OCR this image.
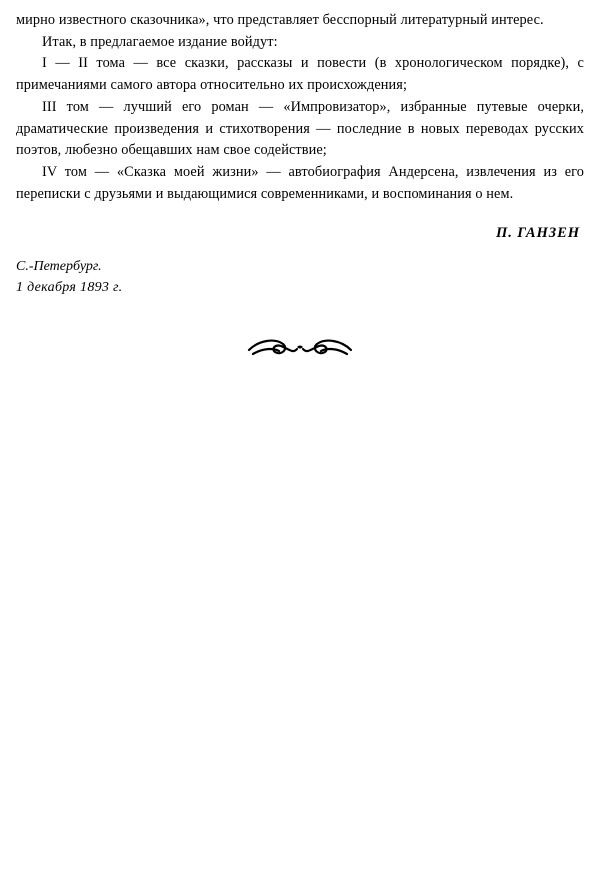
мирно известного сказочника», что представляет бесспорный литературный интерес.

Итак, в предлагаемое издание войдут:

I — II тома — все сказки, рассказы и повести (в хронологическом порядке), с примечаниями самого автора относительно их происхождения;

III том — лучший его роман — «Импровизатор», избранные путевые очерки, драматические произведения и стихотворения — последние в новых переводах русских поэтов, любезно обещавших нам свое содействие;

IV том — «Сказка моей жизни» — автобиография Андерсена, извлечения из его переписки с друзьями и выдающимися современниками, и воспоминания о нем.

П. ГАНЗЕН
С.-Петербург.
1 декабря 1893 г.
